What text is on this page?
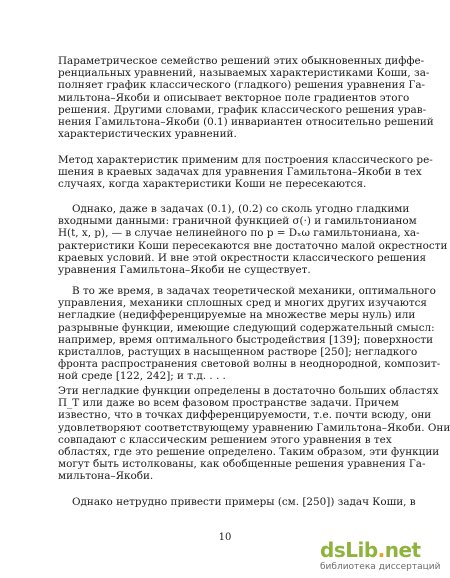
Параметрическое семейство решений этих обыкновенных диффе-
ренциальных уравнений, называемых характеристиками Коши, за-
полняет график классического (гладкого) решения уравнения Га-
мильтона–Якоби и описывает векторное поле градиентов этого
решения. Другими словами, график классического решения урав-
нения Гамильтона–Якоби (0.1) инвариантен относительно решений
характеристических уравнений.

Метод характеристик применим для построения классического ре-
шения в краевых задачах для уравнения Гамильтона–Якоби в тех
случаях, когда характеристики Коши не пересекаются.

Однако, даже в задачах (0.1), (0.2) со сколь угодно гладкими
входными данными: граничной функцией σ(·) и гамильтонианом
H(t, x, p), — в случае нелинейного по p = Dₓω гамильтониана, ха-
рактеристики Коши пересекаются вне достаточно малой окрестности
краевых условий. И вне этой окрестности классического решения
уравнения Гамильтона–Якоби не существует.

В то же время, в задачах теоретической механики, оптимального
управления, механики сплошных сред и многих других изучаются
негладкие (недифференцируемые на множестве меры нуль) или
разрывные функции, имеющие следующий содержательный смысл:
например, время оптимального быстродействия [139]; поверхности
кристаллов, растущих в насыщенном растворе [250]; негладкого
фронта распространения световой волны в неоднородной, композит-
ной среде [122, 242]; и т.д. . . .

Эти негладкие функции определены в достаточно больших областях
Π_T или даже во всем фазовом пространстве задачи. Причем
известно, что в точках дифференцируемости, т.е. почти всюду, они
удовлетворяют соответствующему уравнению Гамильтона–Якоби. Они
совпадают с классическим решением этого уравнения в тех
областях, где это решение определено. Таким образом, эти функции
могут быть истолкованы, как обобщенные решения уравнения Га-
мильтона–Якоби.

Однако нетрудно привести примеры (см. [250]) задач Коши, в

10
dsLib.net
библиотека диссертаций
